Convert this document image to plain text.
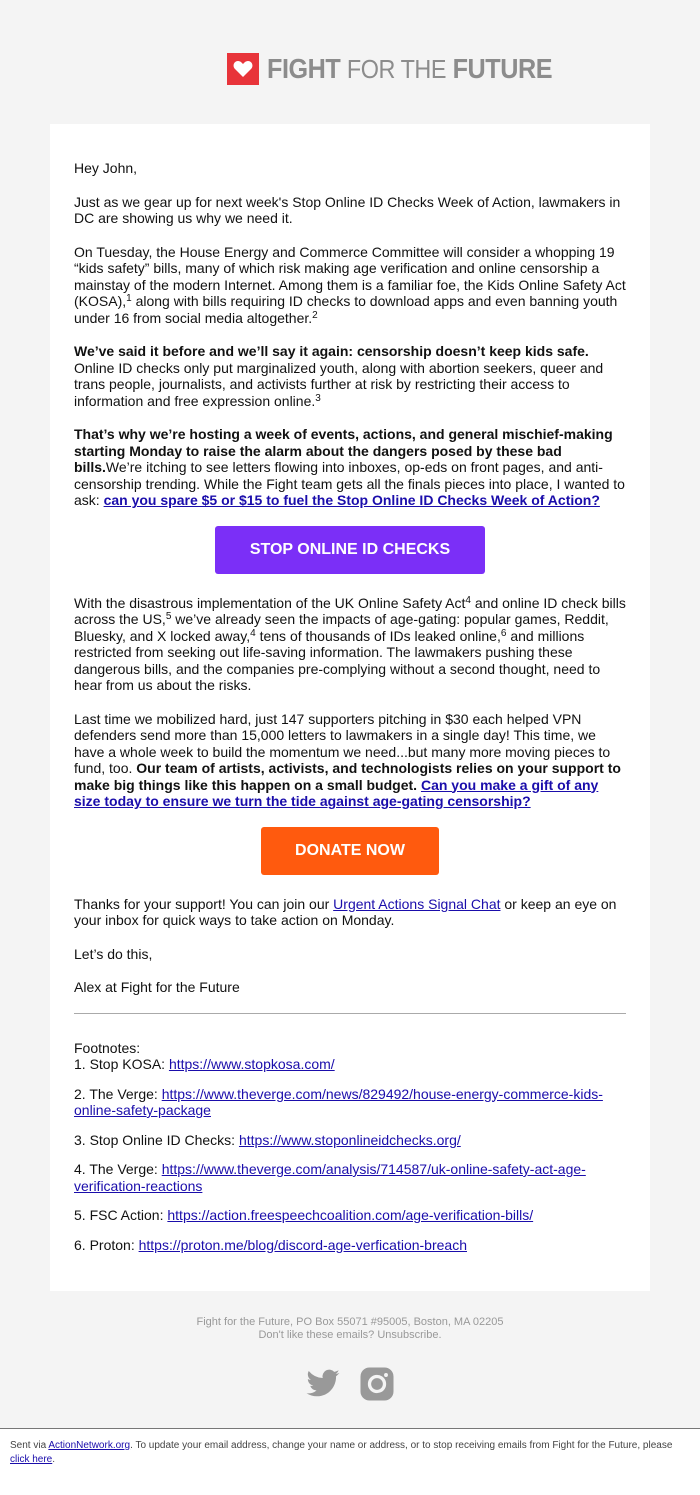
FIGHT FOR THE FUTURE

Hey John,

Just as we gear up for next week's Stop Online ID Checks Week of Action, lawmakers in DC are showing us why we need it.

On Tuesday, the House Energy and Commerce Committee will consider a whopping 19 “kids safety” bills, many of which risk making age verification and online censorship a mainstay of the modern Internet. Among them is a familiar foe, the Kids Online Safety Act (KOSA),$^1$ along with bills requiring ID checks to download apps and even banning youth under 16 from social media altogether.$^2$

We’ve said it before and we’ll say it again: censorship doesn’t keep kids safe. Online ID checks only put marginalized youth, along with abortion seekers, queer and trans people, journalists, and activists further at risk by restricting their access to information and free expression online.$^3$

That’s why we’re hosting a week of events, actions, and general mischief-making starting Monday to raise the alarm about the dangers posed by these bad bills.We’re itching to see letters flowing into inboxes, op-eds on front pages, and anti-censorship trending. While the Fight team gets all the finals pieces into place, I wanted to ask: can you spare $5 or $15 to fuel the Stop Online ID Checks Week of Action?

STOP ONLINE ID CHECKS

With the disastrous implementation of the UK Online Safety Act$^4$ and online ID check bills across the US,$^5$ we’ve already seen the impacts of age-gating: popular games, Reddit, Bluesky, and X locked away,$^4$ tens of thousands of IDs leaked online,$^6$ and millions restricted from seeking out life-saving information. The lawmakers pushing these dangerous bills, and the companies pre-complying without a second thought, need to hear from us about the risks.

Last time we mobilized hard, just 147 supporters pitching in $30 each helped VPN defenders send more than 15,000 letters to lawmakers in a single day! This time, we have a whole week to build the momentum we need...but many more moving pieces to fund, too. Our team of artists, activists, and technologists relies on your support to make big things like this happen on a small budget. Can you make a gift of any size today to ensure we turn the tide against age-gating censorship?

DONATE NOW

Thanks for your support! You can join our Urgent Actions Signal Chat or keep an eye on your inbox for quick ways to take action on Monday.

Let’s do this,

Alex at Fight for the Future

Footnotes:

1. Stop KOSA: https://www.stopkosa.com/

2. The Verge: https://www.theverge.com/news/829492/house-energy-commerce-kids-online-safety-package

3. Stop Online ID Checks: https://www.stoponlineidchecks.org/

4. The Verge: https://www.theverge.com/analysis/714587/uk-online-safety-act-age-verification-reactions

5. FSC Action: https://action.freespeechcoalition.com/age-verification-bills/

6. Proton: https://proton.me/blog/discord-age-verfication-breach

Fight for the Future, PO Box 55071 #95005, Boston, MA 02205
Don't like these emails? Unsubscribe.
Sent via ActionNetwork.org. To update your email address, change your name or address, or to stop receiving emails from Fight for the Future, please click here.
